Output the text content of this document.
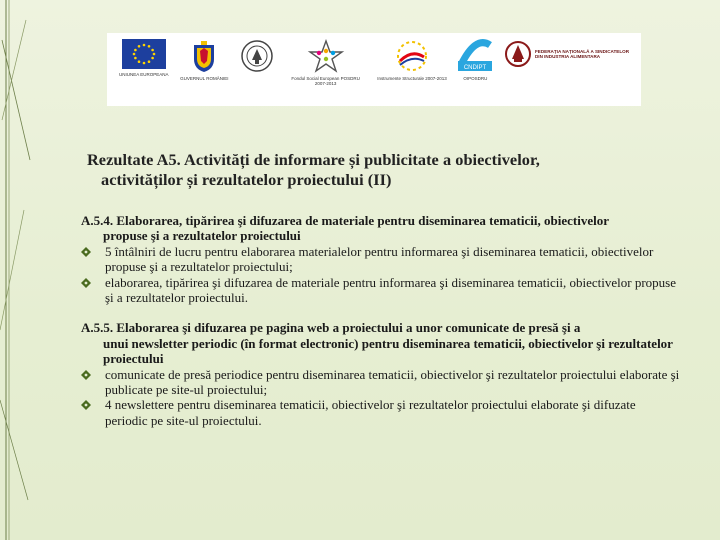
UNIUNEA EUROPEANA
GUVERNUL ROMÂNIEI	Fondul Social European POSDRU 2007-2013
Instrumente Structurale 2007-2013
CNDIPT
OIPOSDRU
FEDERAȚIA NAȚIONALĂ A SINDICATELOR DIN INDUSTRIA ALIMENTARA
Rezultate A5. Activități de informare și publicitate a obiectivelor,
activităților și rezultatelor proiectului (II)
A.5.4. Elaborarea, tipărirea şi difuzarea de materiale pentru diseminarea tematicii, obiectivelor
propuse şi a rezultatelor proiectului
5 întâlniri de lucru pentru elaborarea materialelor pentru informarea şi diseminarea tematicii, obiectivelor propuse şi a rezultatelor proiectului;
elaborarea, tipărirea şi difuzarea de materiale pentru informarea şi diseminarea tematicii, obiectivelor propuse şi a rezultatelor proiectului.
A.5.5. Elaborarea şi difuzarea pe pagina web a proiectului a unor comunicate de presă şi a
unui newsletter periodic (în format electronic) pentru diseminarea tematicii, obiectivelor şi rezultatelor proiectului
comunicate de presă periodice pentru diseminarea tematicii, obiectivelor şi rezultatelor proiectului elaborate şi publicate pe site-ul proiectului;
4 newslettere pentru diseminarea tematicii, obiectivelor şi rezultatelor proiectului elaborate şi difuzate periodic pe site-ul proiectului.
